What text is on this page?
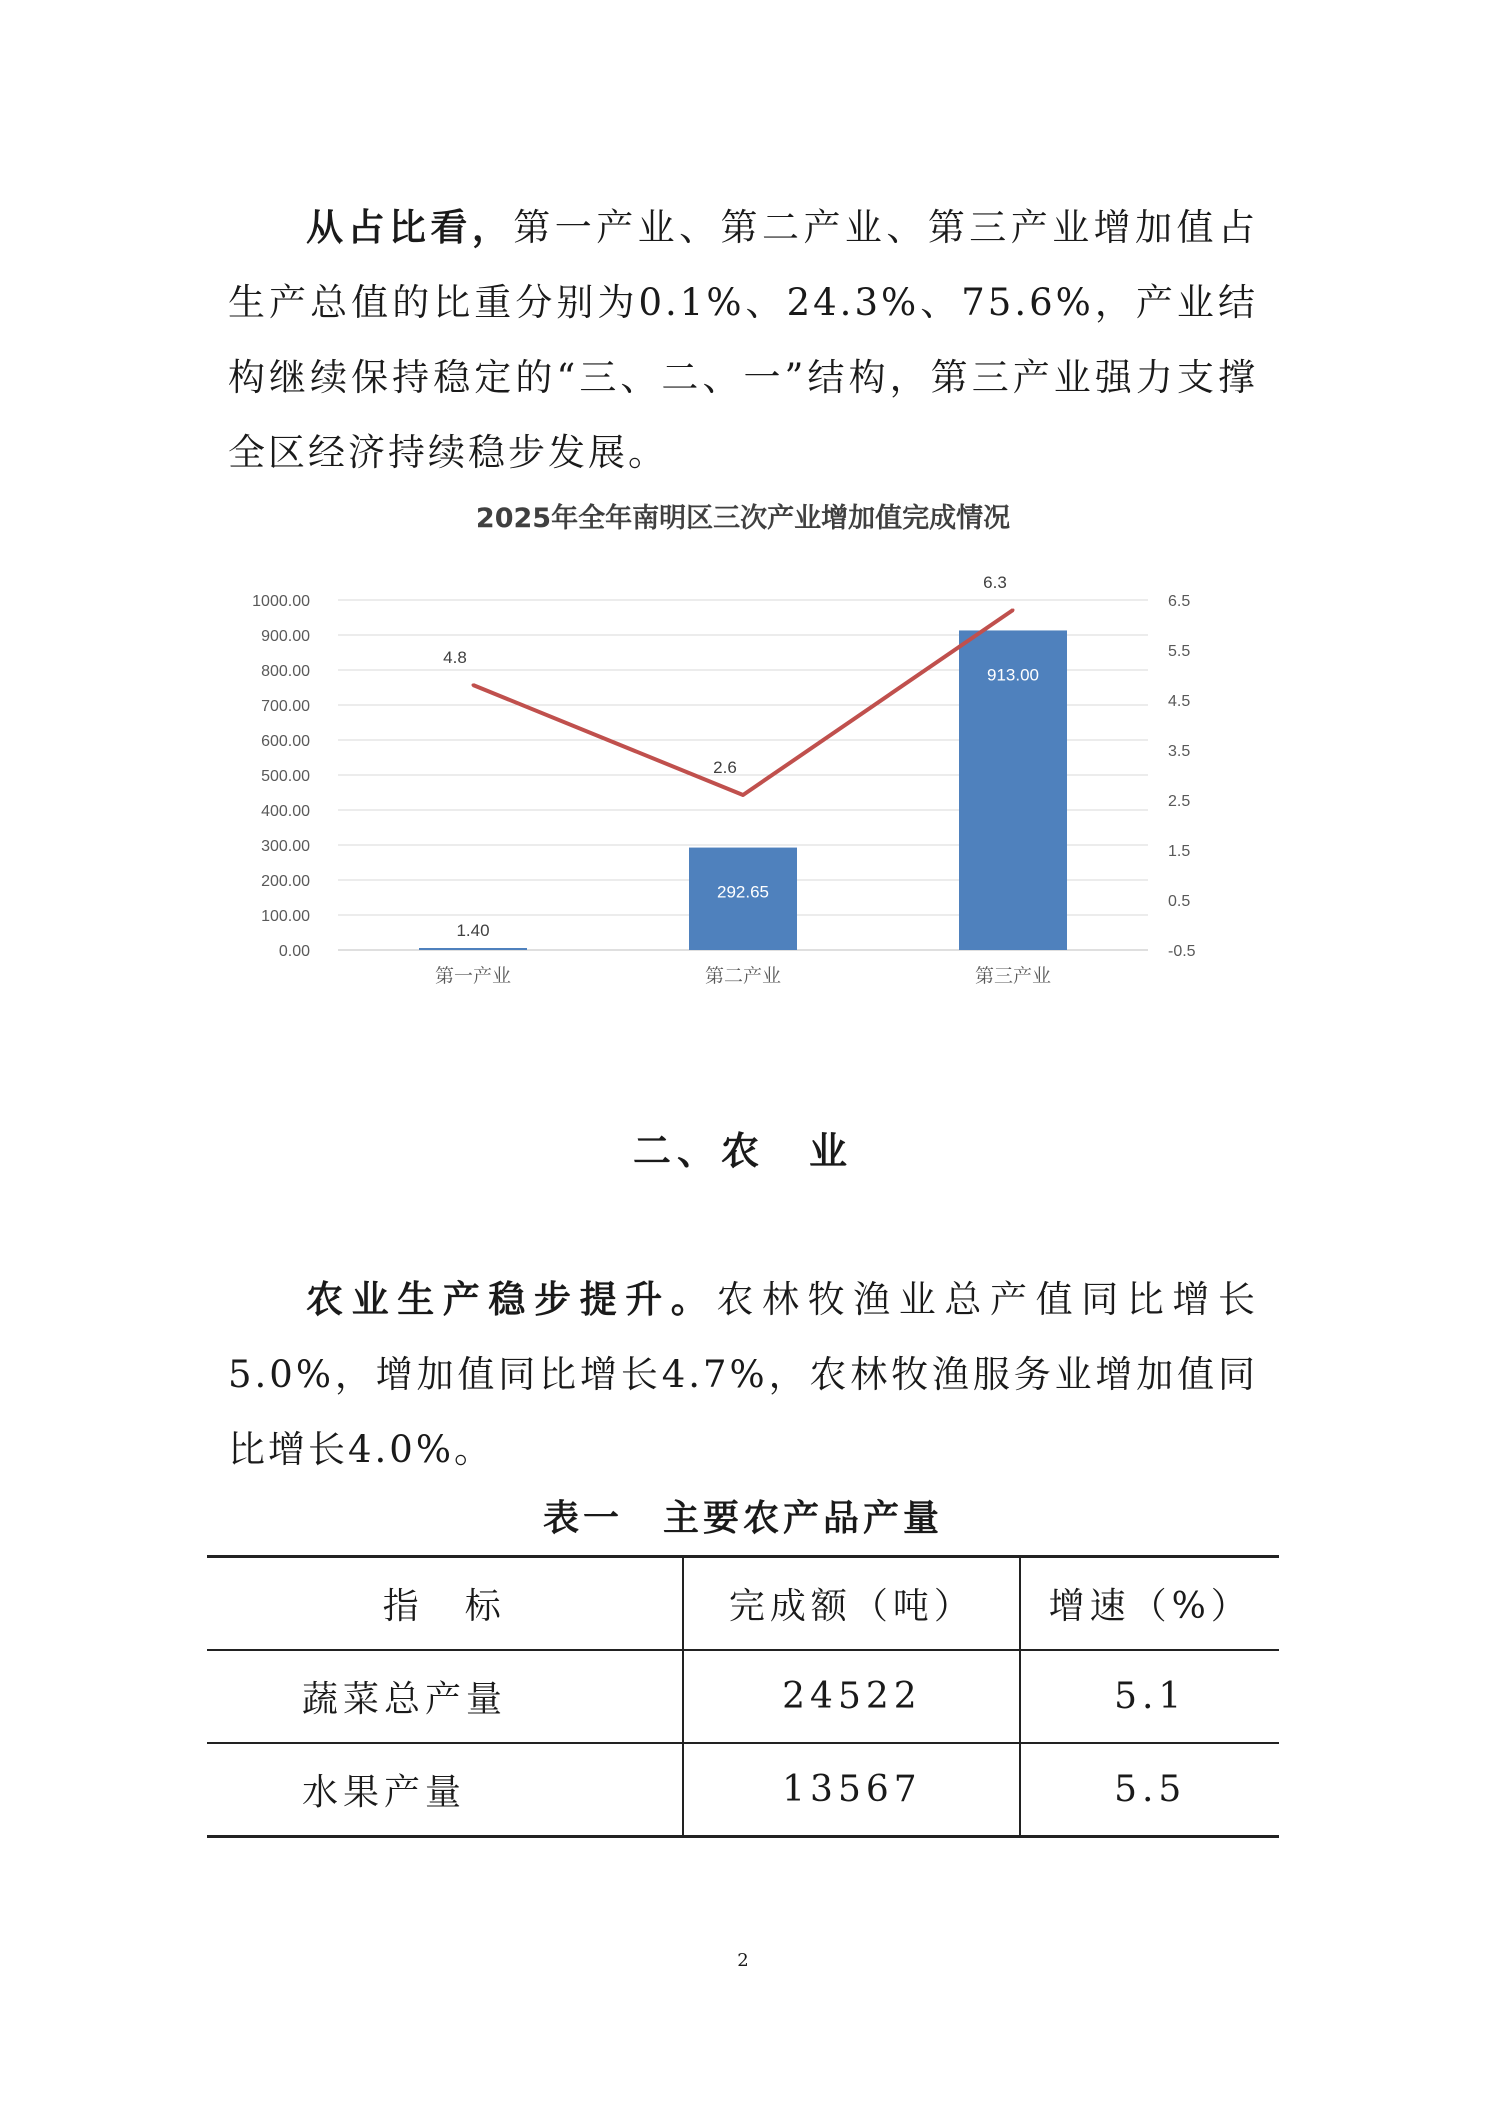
从占比看，第一产业、第二产业、第三产业增加值占生产总值的比重分别为0.1%、24.3%、75.6%，产业结构继续保持稳定的“三、二、一”结构，第三产业强力支撑全区经济持续稳步发展。

2025年全年南明区三次产业增加值完成情况
0.00
100.00
200.00
300.00
400.00
500.00
600.00
700.00
800.00
900.00
1000.00
-0.5
0.5
1.5
2.5
3.5
4.5
5.5
6.5
第一产业	第二产业	第三产业
1.40
292.65
913.00
4.8
2.6
6.3
二、农　业

农业生产稳步提升。农林牧渔业总产值同比增长5.0%，增加值同比增长4.7%，农林牧渔服务业增加值同比增长4.0%。

表一　主要农产品产量
指　标	完成额（吨）	增速（%）
蔬菜总产量	24522	5.1
水果产量	13567	5.5
2
